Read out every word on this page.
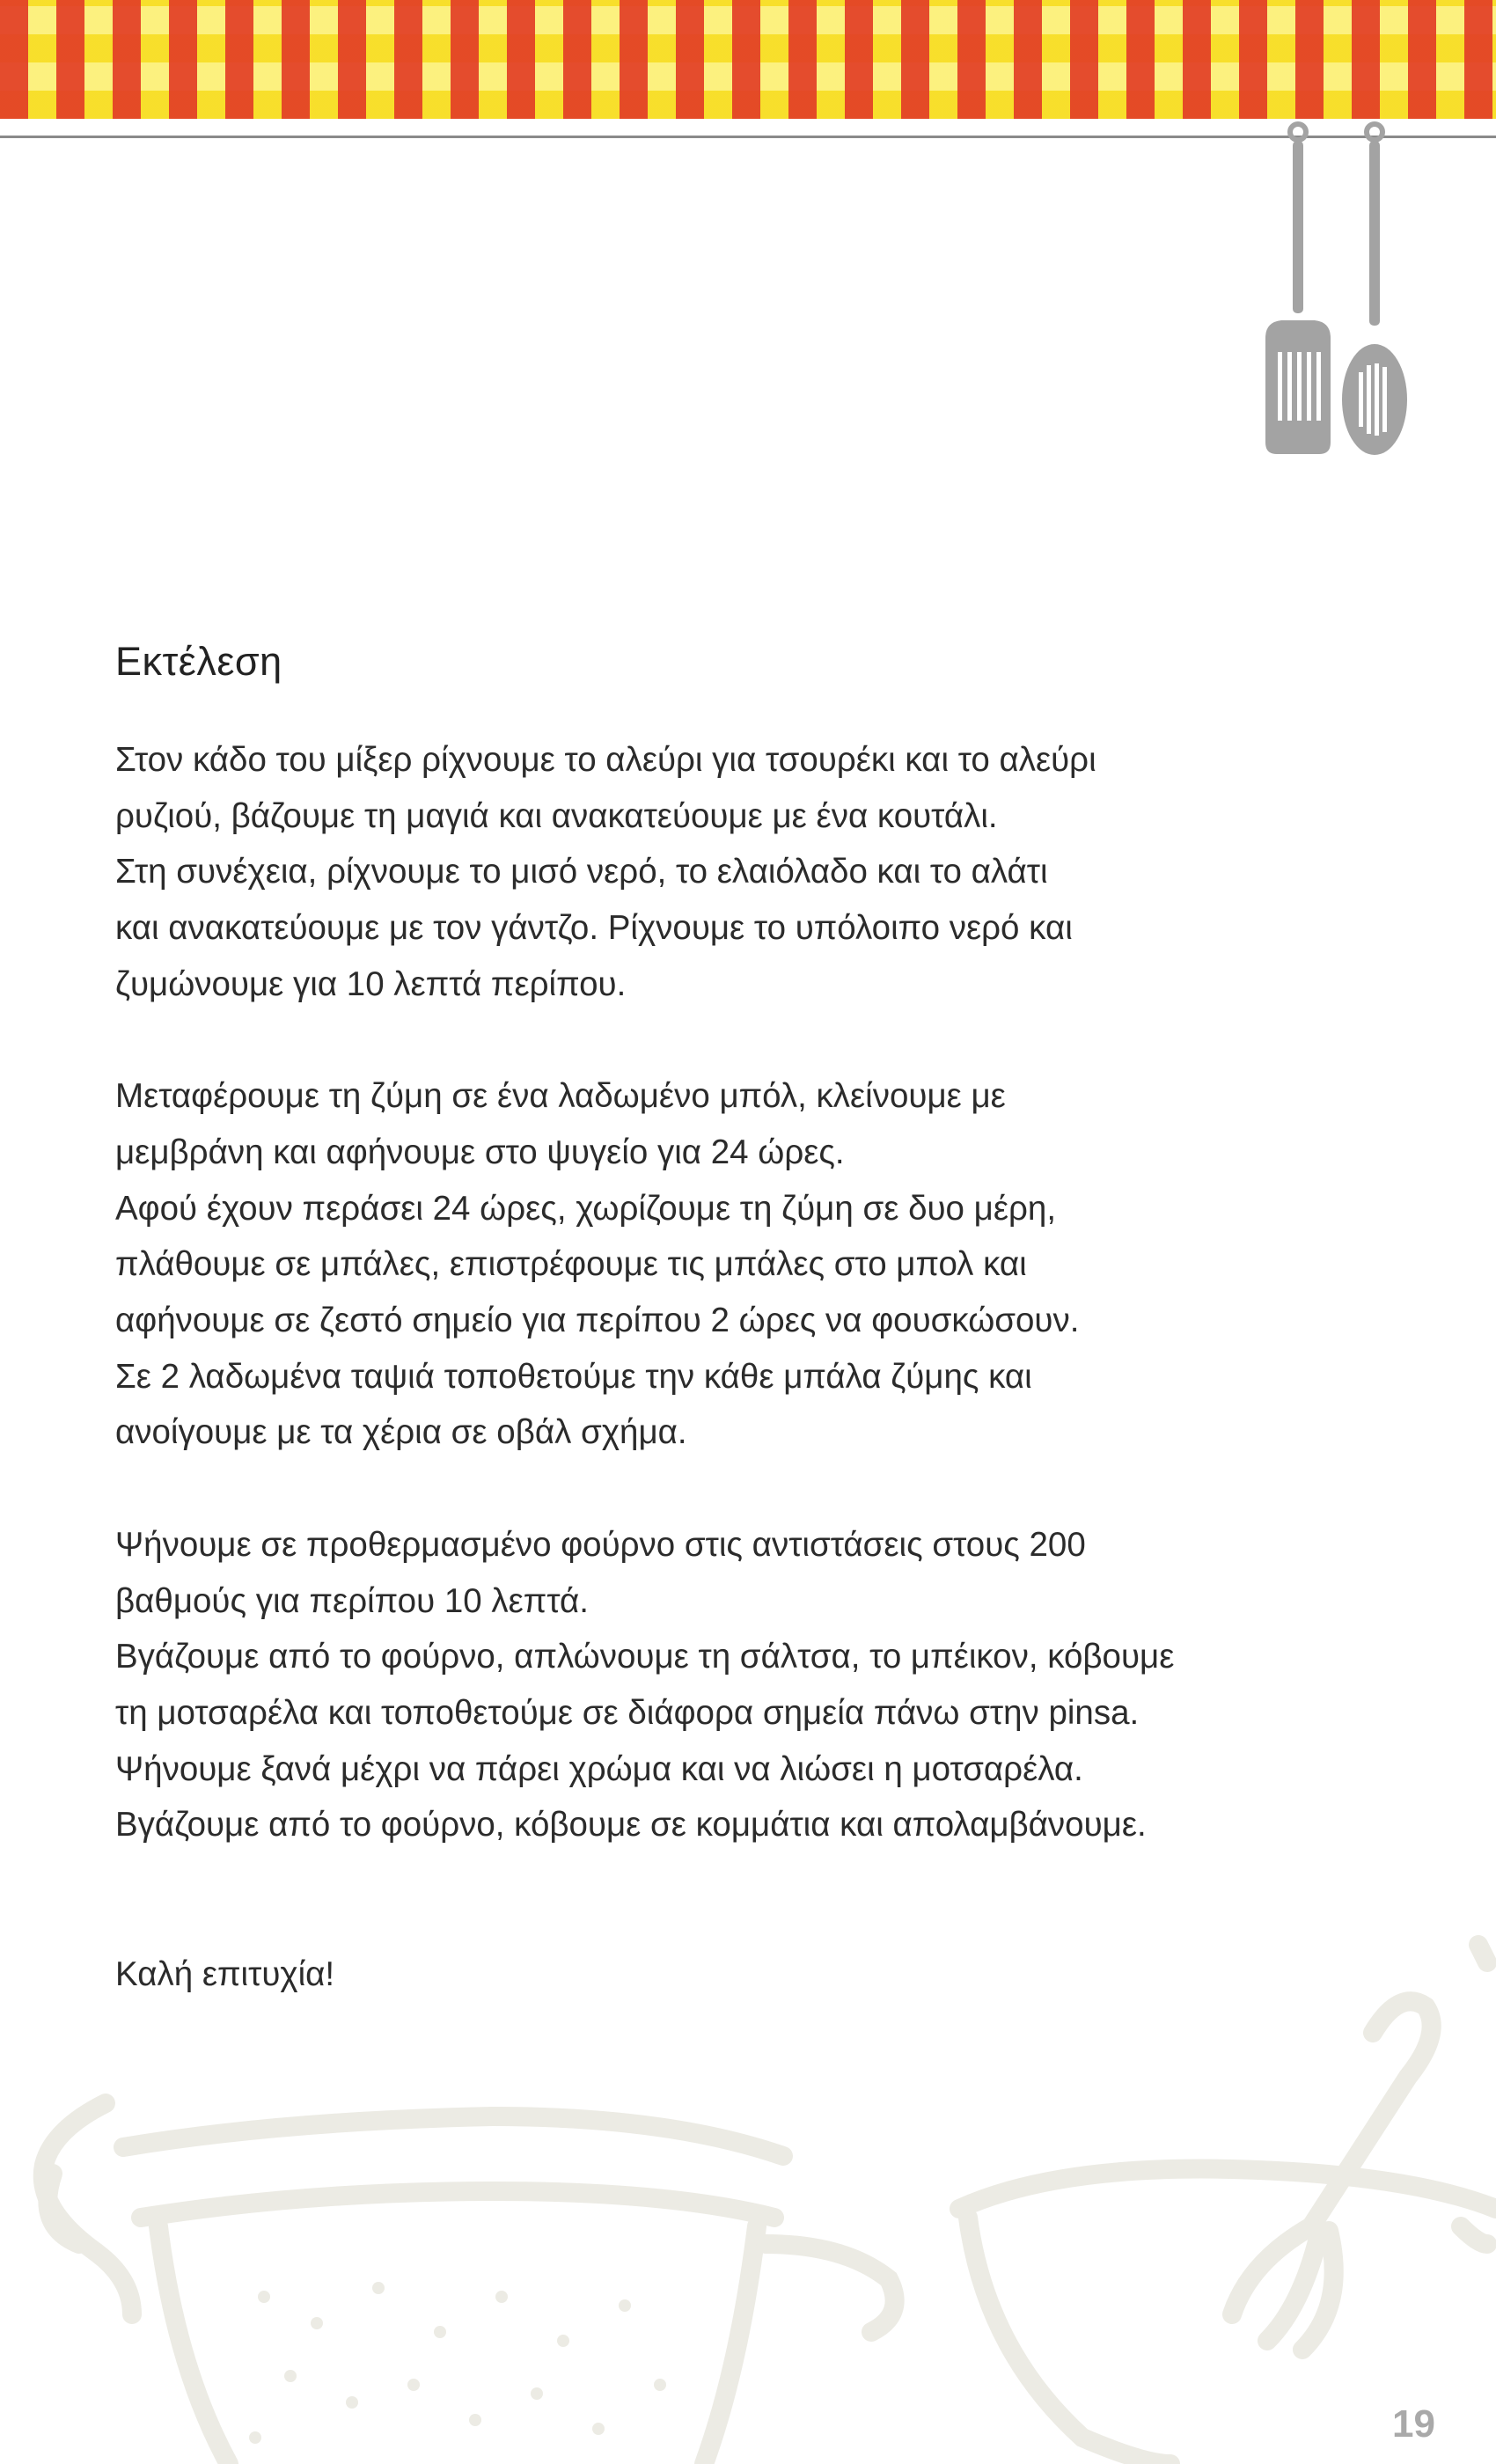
Εκτέλεση

Στον κάδο του μίξερ ρίχνουμε το αλεύρι για τσουρέκι και το αλεύρι
ρυζιού, βάζουμε τη μαγιά και ανακατεύουμε με ένα κουτάλι.
Στη συνέχεια, ρίχνουμε το μισό νερό, το ελαιόλαδο και το αλάτι
και ανακατεύουμε με τον γάντζο. Ρίχνουμε το υπόλοιπο νερό και
ζυμώνουμε για 10 λεπτά περίπου.

Μεταφέρουμε τη ζύμη σε ένα λαδωμένο μπόλ, κλείνουμε με
μεμβράνη και αφήνουμε στο ψυγείο για 24 ώρες.
Αφού έχουν περάσει 24 ώρες, χωρίζουμε τη ζύμη σε δυο μέρη,
πλάθουμε σε μπάλες, επιστρέφουμε τις μπάλες στο μπολ και
αφήνουμε σε ζεστό σημείο για περίπου 2 ώρες να φουσκώσουν.
Σε 2 λαδωμένα ταψιά τοποθετούμε την κάθε μπάλα ζύμης και
ανοίγουμε με τα χέρια σε οβάλ σχήμα.

Ψήνουμε σε προθερμασμένο φούρνο στις αντιστάσεις στους 200
βαθμούς για περίπου 10 λεπτά.
Βγάζουμε από το φούρνο, απλώνουμε τη σάλτσα, το μπέικον, κόβουμε
τη μοτσαρέλα και τοποθετούμε σε διάφορα σημεία πάνω στην pinsa.
Ψήνουμε ξανά μέχρι να πάρει χρώμα και να λιώσει η μοτσαρέλα.
Βγάζουμε από το φούρνο, κόβουμε σε κομμάτια και απολαμβάνουμε.

Καλή επιτυχία!
19
